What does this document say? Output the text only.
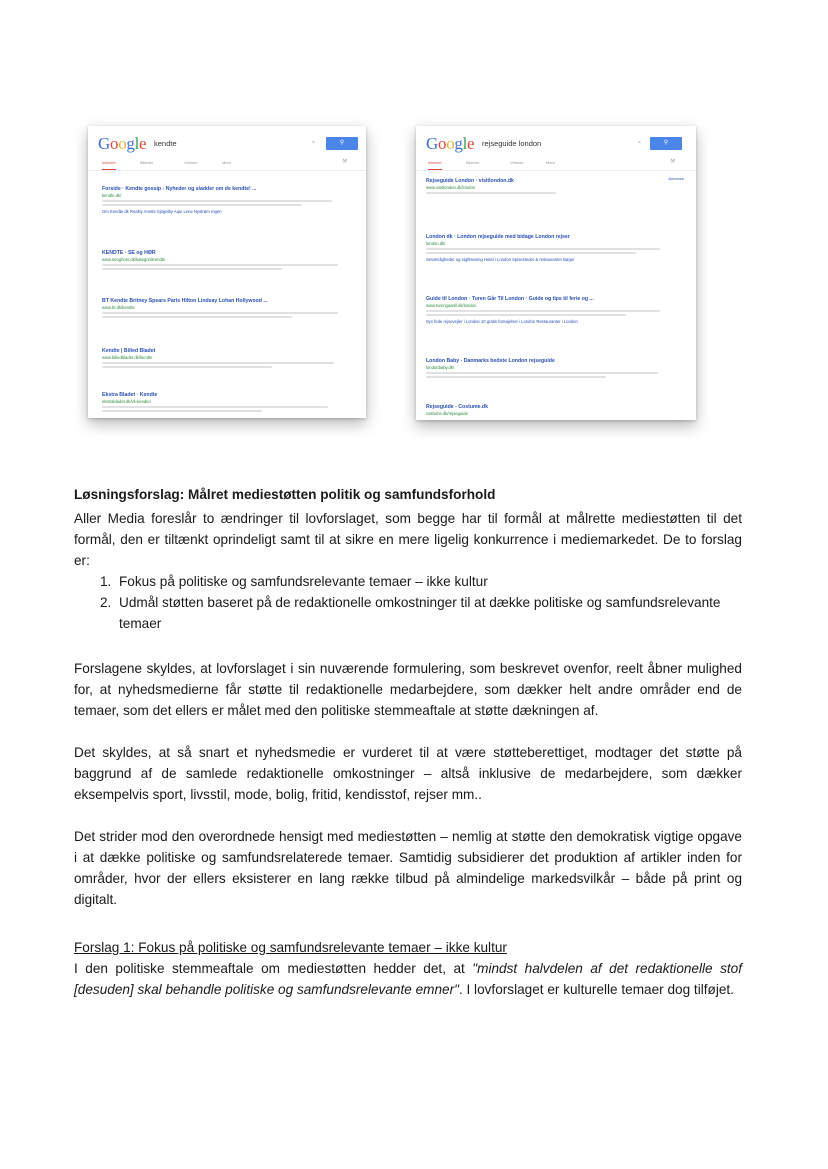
Google kendte	×	⚲
Internet	Billeder	Videoer	Mere	⚒
Forside · Kendte gossip - Nyheder og sladder om de kendte! ...
kendte.dk/
Om Kendte.dk Reality Anette Sjögelby Aqui Lene Nystrøm regen
KENDTE · SE og HØR
www.seoghoer.dk/kategori/Kendte
BT Kendte Britney Spears Paris Hilton Lindsay Lohan Hollywood ...
www.bt.dk/kendte
Kendte | Billed Bladet
www.billedbladet.dk/kendte
Ekstra Bladet · Kendte
ekstrabladet.dk/vk-kendte/
Google rejseguide london	×	⚲
Internet	Billeder	Videoer	Mere	⚒
Annonce
Rejseguide London · visitlondon.dk
www.visitlondon.dk/london
London dk · London rejseguide med bidage London rejser
london.dk/
Seværdigheder og sightseeing Hotel i London Spisesteder & restauranter Bøger
Guide til London · Turen Går Til London · Guide og tips til ferie og ...
www.turengaartil.dk/london
Syv fede rejsevejler i London 10 gratis fornøjelser i London Restauranter i London
London Baby - Danmarks bedste London rejseguide
londonbaby.dk/
Rejseguide - Costume.dk
costume.dk/rejseguide
Løsningsforslag: Målret mediestøtten politik og samfundsforhold
Aller Media foreslår to ændringer til lovforslaget, som begge har til formål at målrette mediestøtten til det formål, den er tiltænkt oprindeligt samt til at sikre en mere ligelig konkurrence i mediemarkedet. De to forslag er:
1. Fokus på politiske og samfundsrelevante temaer – ikke kultur
2. Udmål støtten baseret på de redaktionelle omkostninger til at dække politiske og samfundsrelevante temaer
Forslagene skyldes, at lovforslaget i sin nuværende formulering, som beskrevet ovenfor, reelt åbner mulighed for, at nyhedsmedierne får støtte til redaktionelle medarbejdere, som dækker helt andre områder end de temaer, som det ellers er målet med den politiske stemmeaftale at støtte dækningen af.
Det skyldes, at så snart et nyhedsmedie er vurderet til at være støtteberettiget, modtager det støtte på baggrund af de samlede redaktionelle omkostninger – altså inklusive de medarbejdere, som dækker eksempelvis sport, livsstil, mode, bolig, fritid, kendisstof, rejser mm..
Det strider mod den overordnede hensigt med mediestøtten – nemlig at støtte den demokratisk vigtige opgave i at dække politiske og samfundsrelaterede temaer. Samtidig subsidierer det produktion af artikler inden for områder, hvor der ellers eksisterer en lang række tilbud på almindelige markedsvilkår – både på print og digitalt.
Forslag 1: Fokus på politiske og samfundsrelevante temaer – ikke kultur
I den politiske stemmeaftale om mediestøtten hedder det, at "mindst halvdelen af det redaktionelle stof [desuden] skal behandle politiske og samfundsrelevante emner". I lovforslaget er kulturelle temaer dog tilføjet.
